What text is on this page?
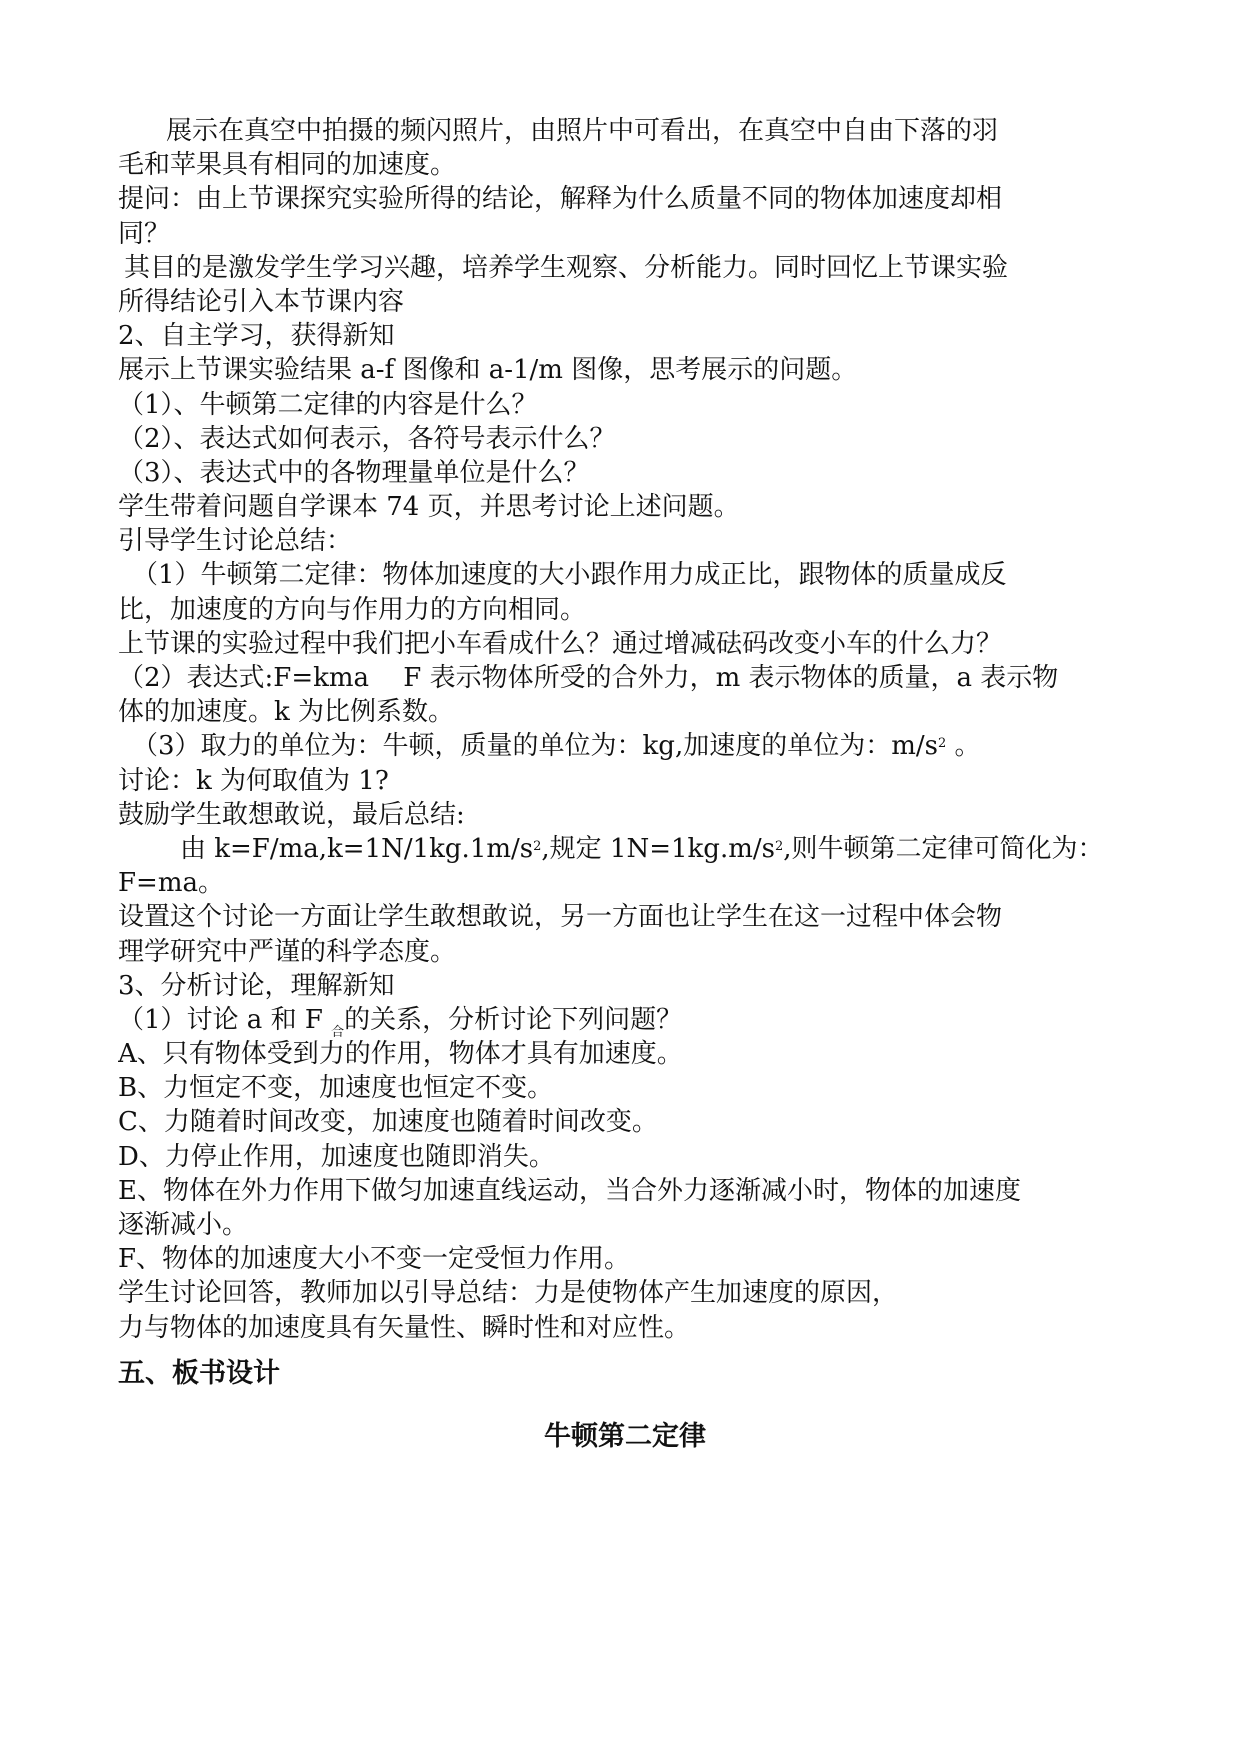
展示在真空中拍摄的频闪照片，由照片中可看出，在真空中自由下落的羽
毛和苹果具有相同的加速度。
提问：由上节课探究实验所得的结论，解释为什么质量不同的物体加速度却相
同？
其目的是激发学生学习兴趣，培养学生观察、分析能力。同时回忆上节课实验
所得结论引入本节课内容
2、自主学习，获得新知
展示上节课实验结果 a-f 图像和 a-1/m 图像，思考展示的问题。
（1）、牛顿第二定律的内容是什么？
（2）、表达式如何表示，各符号表示什么？
（3）、表达式中的各物理量单位是什么？
学生带着问题自学课本 74 页，并思考讨论上述问题。
引导学生讨论总结：
（1）牛顿第二定律：物体加速度的大小跟作用力成正比，跟物体的质量成反
比，加速度的方向与作用力的方向相同。
上节课的实验过程中我们把小车看成什么？通过增减砝码改变小车的什么力？
（2）表达式:F=kma　 F 表示物体所受的合外力，m 表示物体的质量，a 表示物
体的加速度。k 为比例系数。
（3）取力的单位为：牛顿，质量的单位为：kg,加速度的单位为：$m/s^2$ 。
讨论：k 为何取值为 1?
鼓励学生敢想敢说，最后总结:
由 $k=F/ma,k=1N/1kg.1m/s^2$,规定 $1N=1kg.m/s^2$,则牛顿第二定律可简化为：
F=ma。
设置这个讨论一方面让学生敢想敢说，另一方面也让学生在这一过程中体会物
理学研究中严谨的科学态度。
3、分析讨论，理解新知
（1）讨论 a 和 F $_合$的关系，分析讨论下列问题？
A、只有物体受到力的作用，物体才具有加速度。
B、力恒定不变，加速度也恒定不变。
C、力随着时间改变，加速度也随着时间改变。
D、力停止作用，加速度也随即消失。
E、物体在外力作用下做匀加速直线运动，当合外力逐渐减小时，物体的加速度
逐渐减小。
F、物体的加速度大小不变一定受恒力作用。
学生讨论回答，教师加以引导总结：力是使物体产生加速度的原因，
力与物体的加速度具有矢量性、瞬时性和对应性。
五、板书设计
牛顿第二定律
